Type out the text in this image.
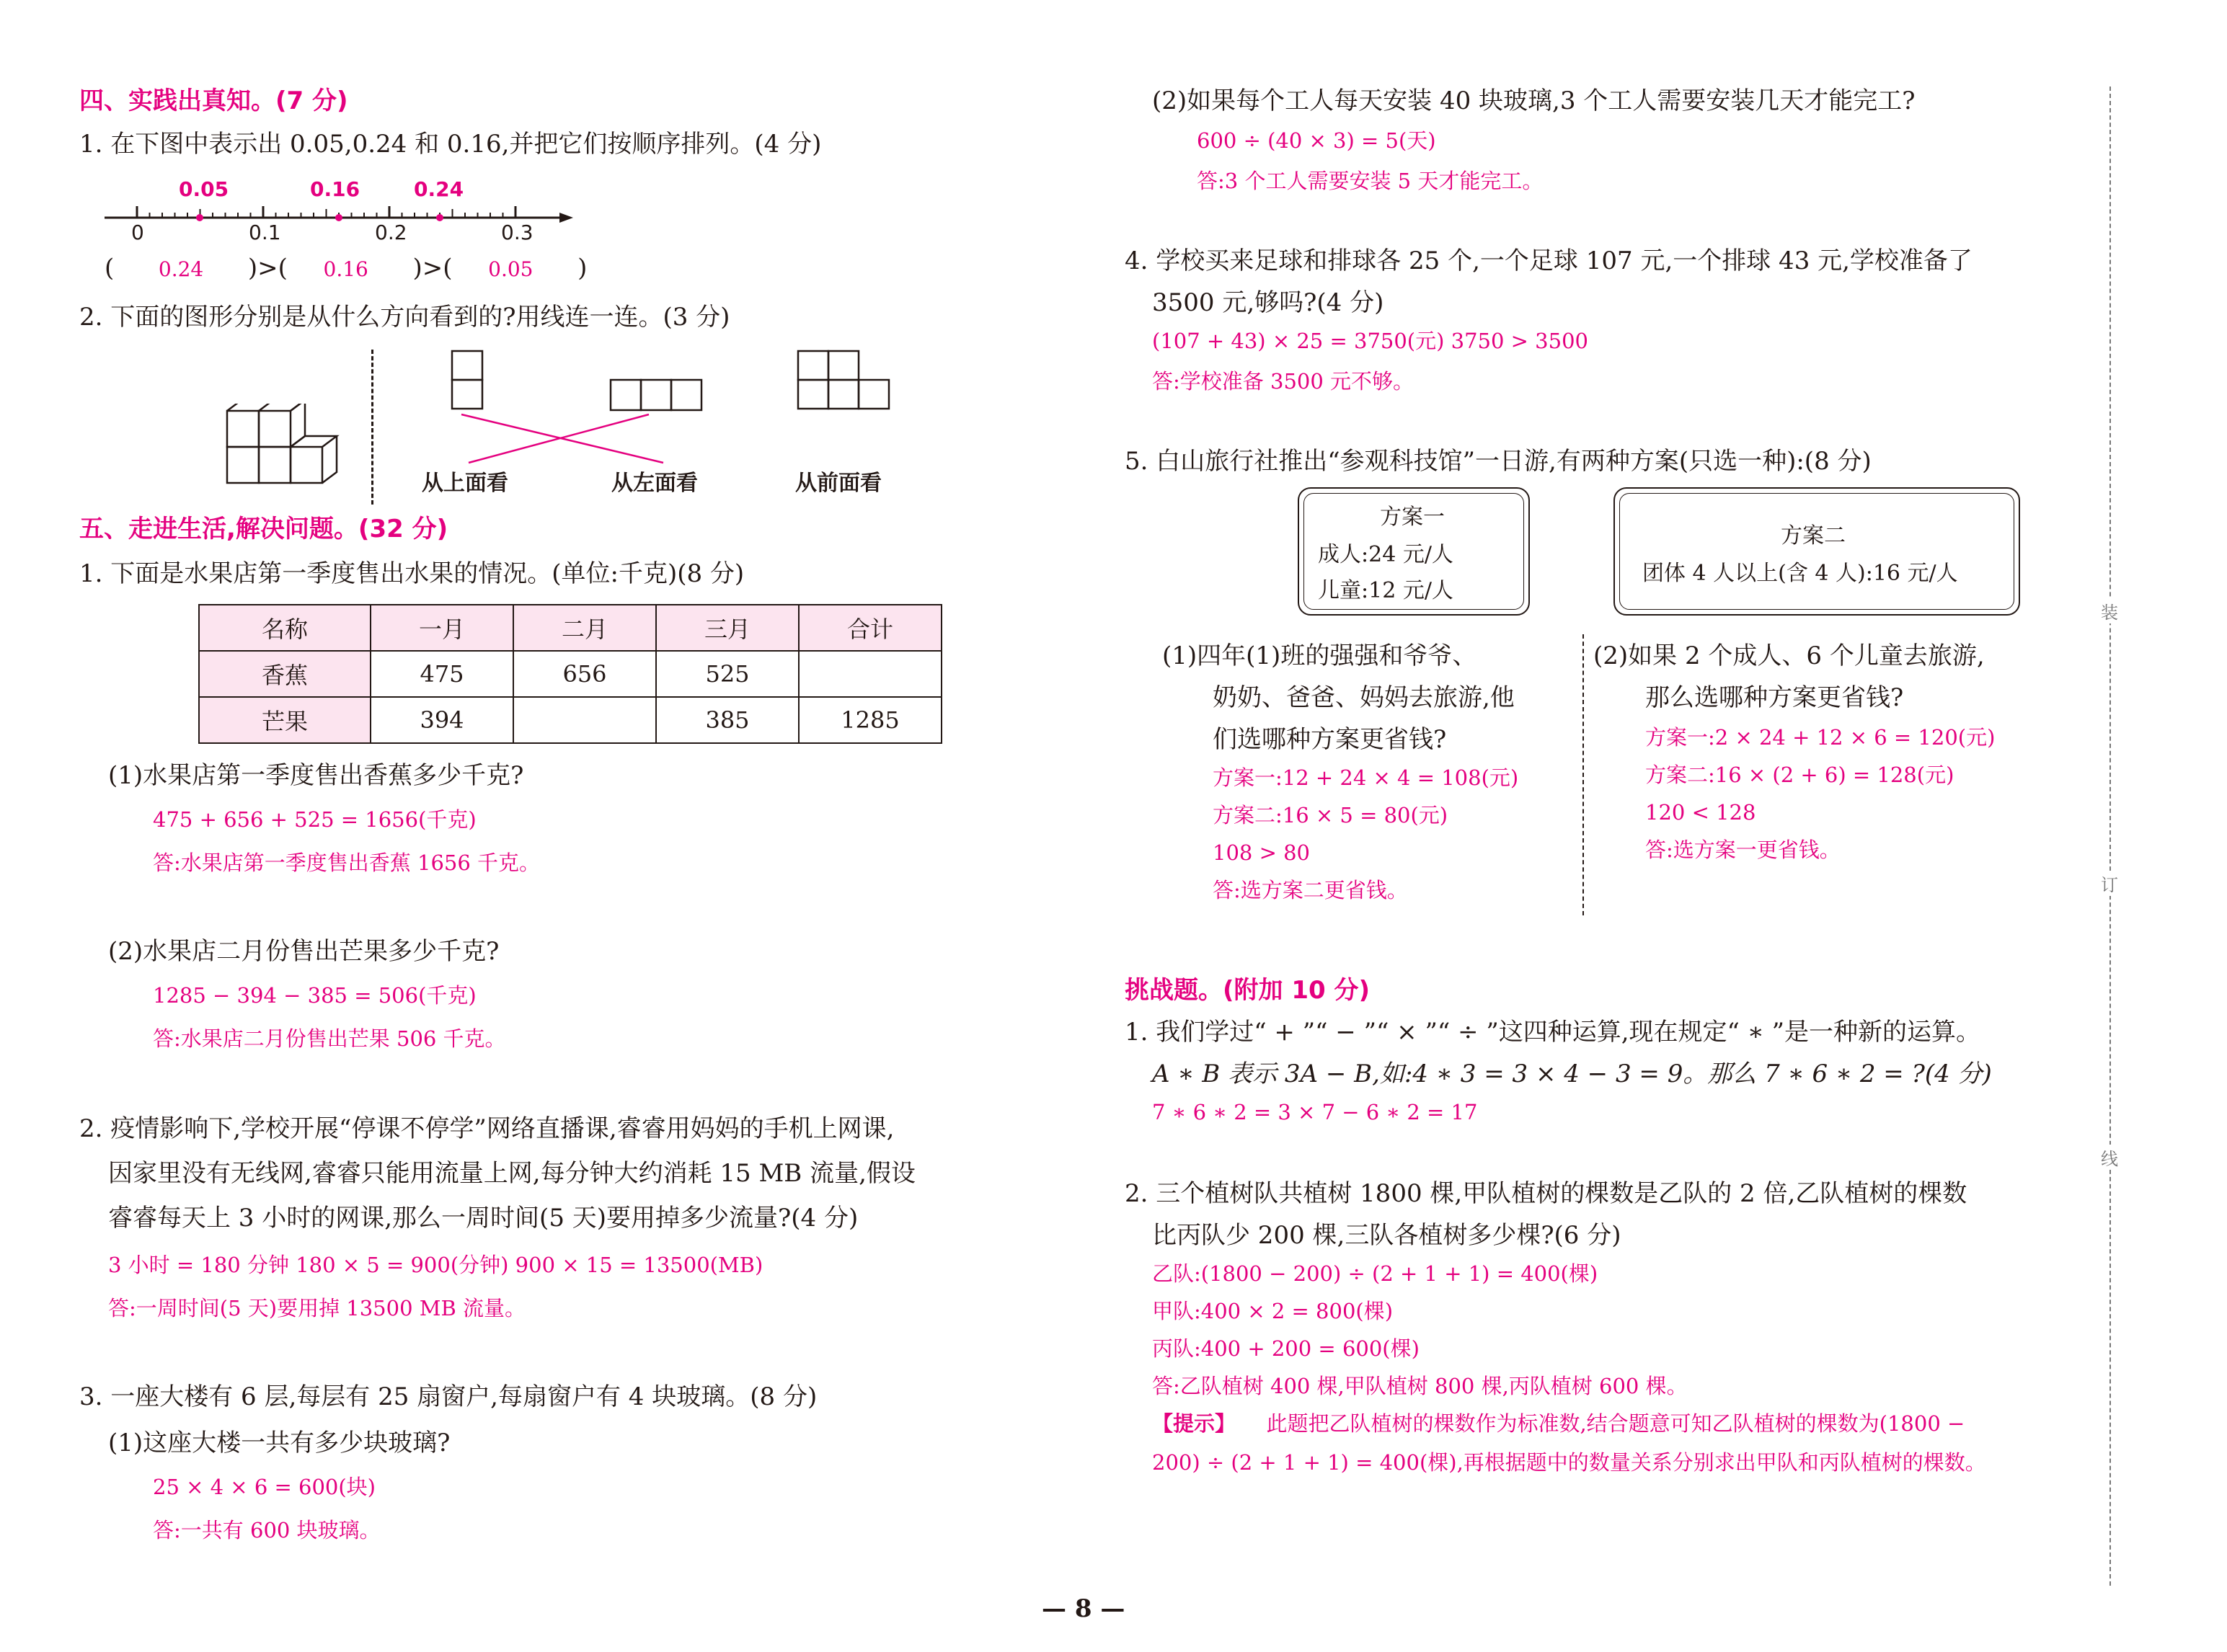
四、实践出真知。(7 分)
1. 在下图中表示出 0.05,0.24 和 0.16,并把它们按顺序排列。(4 分)
0.05	0.16	0.24
0	0.1	0.2	0.3
( 0.24 )>( 0.16 )>( 0.05 )
2. 下面的图形分别是从什么方向看到的?用线连一连。(3 分)
从上面看	从左面看	从前面看
五、走进生活,解决问题。(32 分)
1. 下面是水果店第一季度售出水果的情况。(单位:千克)(8 分)
名称	一月	二月	三月	合计
香蕉	475	656	525	
芒果	394		385	1285
(1)水果店第一季度售出香蕉多少千克?
475 + 656 + 525 = 1656(千克)
答:水果店第一季度售出香蕉 1656 千克。
(2)水果店二月份售出芒果多少千克?
1285 − 394 − 385 = 506(千克)
答:水果店二月份售出芒果 506 千克。
2. 疫情影响下,学校开展“停课不停学”网络直播课,睿睿用妈妈的手机上网课,
因家里没有无线网,睿睿只能用流量上网,每分钟大约消耗 15 MB 流量,假设
睿睿每天上 3 小时的网课,那么一周时间(5 天)要用掉多少流量?(4 分)
3 小时 = 180 分钟 180 × 5 = 900(分钟) 900 × 15 = 13500(MB)
答:一周时间(5 天)要用掉 13500 MB 流量。
3. 一座大楼有 6 层,每层有 25 扇窗户,每扇窗户有 4 块玻璃。(8 分)
(1)这座大楼一共有多少块玻璃?
25 × 4 × 6 = 600(块)
答:一共有 600 块玻璃。
(2)如果每个工人每天安装 40 块玻璃,3 个工人需要安装几天才能完工?
600 ÷ (40 × 3) = 5(天)
答:3 个工人需要安装 5 天才能完工。
4. 学校买来足球和排球各 25 个,一个足球 107 元,一个排球 43 元,学校准备了
3500 元,够吗?(4 分)
(107 + 43) × 25 = 3750(元) 3750 > 3500
答:学校准备 3500 元不够。
5. 白山旅行社推出“参观科技馆”一日游,有两种方案(只选一种):(8 分)
方案一
成人:24 元/人
儿童:12 元/人
方案二
团体 4 人以上(含 4 人):16 元/人
(1)四年(1)班的强强和爷爷、
奶奶、爸爸、妈妈去旅游,他
们选哪种方案更省钱?
方案一:12 + 24 × 4 = 108(元)
方案二:16 × 5 = 80(元)
108 > 80
答:选方案二更省钱。
(2)如果 2 个成人、6 个儿童去旅游,
那么选哪种方案更省钱?
方案一:2 × 24 + 12 × 6 = 120(元)
方案二:16 × (2 + 6) = 128(元)
120 < 128
答:选方案一更省钱。
挑战题。(附加 10 分)
1. 我们学过“ + ”“ − ”“ × ”“ ÷ ”这四种运算,现在规定“ ∗ ”是一种新的运算。
A ∗ B 表示 3A − B,如:4 ∗ 3 = 3 × 4 − 3 = 9。那么 7 ∗ 6 ∗ 2 = ?(4 分)
7 ∗ 6 ∗ 2 = 3 × 7 − 6 ∗ 2 = 17
2. 三个植树队共植树 1800 棵,甲队植树的棵数是乙队的 2 倍,乙队植树的棵数
比丙队少 200 棵,三队各植树多少棵?(6 分)
乙队:(1800 − 200) ÷ (2 + 1 + 1) = 400(棵)
甲队:400 × 2 = 800(棵)
丙队:400 + 200 = 600(棵)
答:乙队植树 400 棵,甲队植树 800 棵,丙队植树 600 棵。
【提示】 此题把乙队植树的棵数作为标准数,结合题意可知乙队植树的棵数为(1800 −
200) ÷ (2 + 1 + 1) = 400(棵),再根据题中的数量关系分别求出甲队和丙队植树的棵数。
— 8 —
装
订
线
